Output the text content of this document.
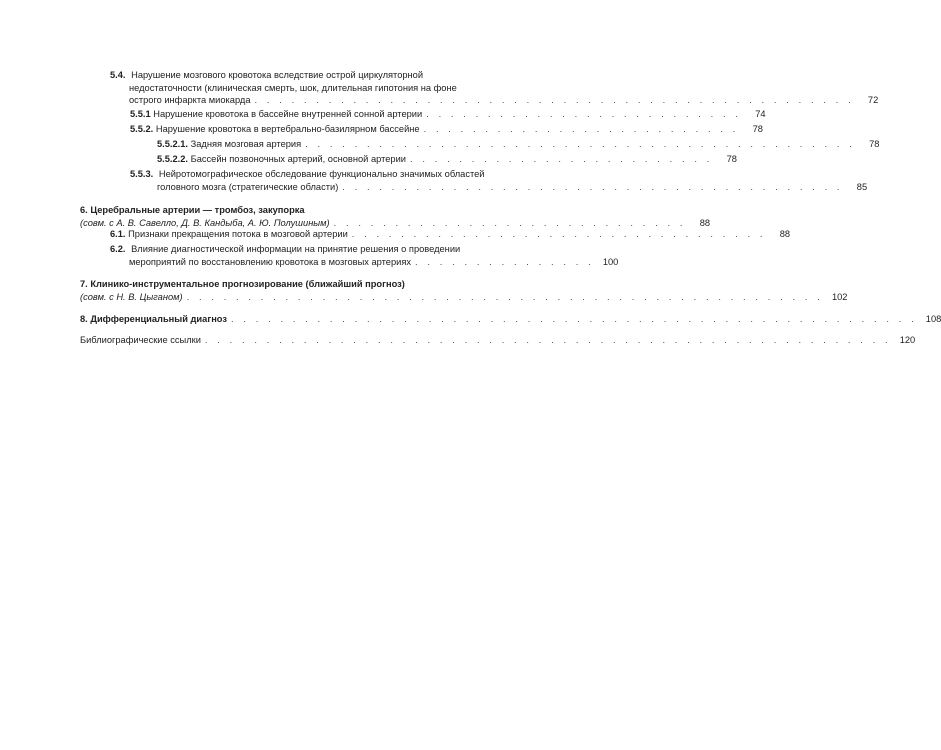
5.4. Нарушение мозгового кровотока вследствие острой циркуляторной
недостаточности (клиническая смерть, шок, длительная гипотония на фоне
острого инфаркта миокарда . . . . . . . . . . . . . . . . . . . . . . . . . . . . . . . . . . . . . . . . . . . . . . . . .	72
5.5.1 Нарушение кровотока в бассейне внутренней сонной артерии . . . . . . . . . . . . . . . . . . . . . . . . . .	74
5.5.2. Нарушение кровотока в вертебрально-базилярном бассейне . . . . . . . . . . . . . . . . . . . . . . . . . .	78
5.5.2.1. Задняя мозговая артерия . . . . . . . . . . . . . . . . . . . . . . . . . . . . . . . . . . . . . . . . . . . . .	78
5.5.2.2. Бассейн позвоночных артерий, основной артерии . . . . . . . . . . . . . . . . . . . . . . . . .	78
5.5.3. Нейротомографическое обследование функционально значимых областей
головного мозга (стратегические области) . . . . . . . . . . . . . . . . . . . . . . . . . . . . . . . . . . . . . . . . .	85
6. Церебральные артерии — тромбоз, закупорка
(совм. с А. В. Савелло, Д. В. Кандыба, А. Ю. Полушиным) . . . . . . . . . . . . . . . . . . . . . . . . . . . . .	88
6.1. Признаки прекращения потока в мозговой артерии . . . . . . . . . . . . . . . . . . . . . . . . . . . . . . . . . .	88
6.2. Влияние диагностической информации на принятие решения о проведении
мероприятий по восстановлению кровотока в мозговых артериях . . . . . . . . . . . . . . . 100
7. Клинико-инструментальное прогнозирование (ближайший прогноз)
(совм. с Н. В. Цыганом) . . . . . . . . . . . . . . . . . . . . . . . . . . . . . . . . . . . . . . . . . . . . . . . . . . . . 102
8. Дифференциальный диагноз . . . . . . . . . . . . . . . . . . . . . . . . . . . . . . . . . . . . . . . . . . . . . . . . . . . . . . . . 108
Библиографические ссылки . . . . . . . . . . . . . . . . . . . . . . . . . . . . . . . . . . . . . . . . . . . . . . . . . . . . . . . . 120
